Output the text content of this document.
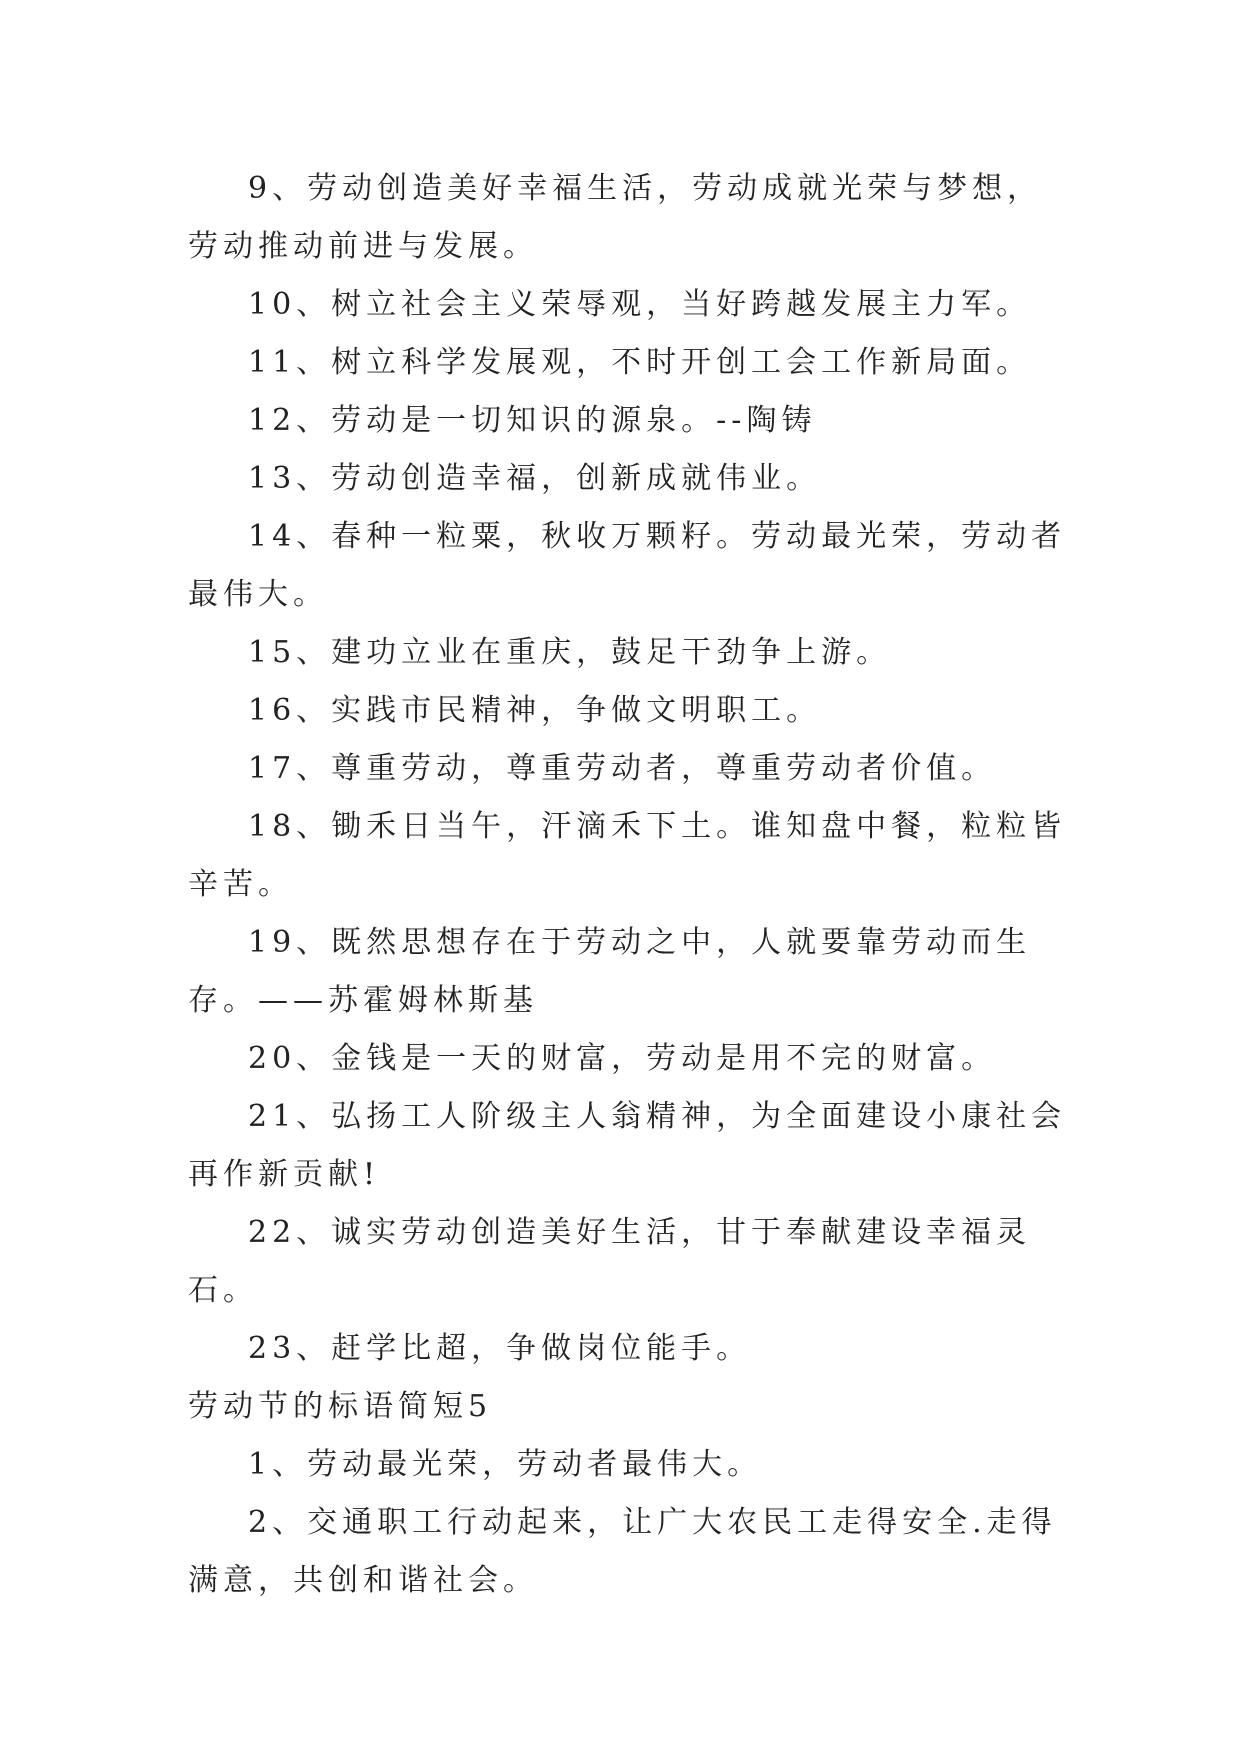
9、劳动创造美好幸福生活，劳动成就光荣与梦想，劳动推动前进与发展。

10、树立社会主义荣辱观，当好跨越发展主力军。

11、树立科学发展观，不时开创工会工作新局面。

12、劳动是一切知识的源泉。--陶铸

13、劳动创造幸福，创新成就伟业。

14、春种一粒粟，秋收万颗籽。劳动最光荣，劳动者最伟大。

15、建功立业在重庆，鼓足干劲争上游。

16、实践市民精神，争做文明职工。

17、尊重劳动，尊重劳动者，尊重劳动者价值。

18、锄禾日当午，汗滴禾下土。谁知盘中餐，粒粒皆辛苦。

19、既然思想存在于劳动之中，人就要靠劳动而生存。——苏霍姆林斯基

20、金钱是一天的财富，劳动是用不完的财富。

21、弘扬工人阶级主人翁精神，为全面建设小康社会再作新贡献!

22、诚实劳动创造美好生活，甘于奉献建设幸福灵石。

23、赶学比超，争做岗位能手。

劳动节的标语简短5

1、劳动最光荣，劳动者最伟大。

2、交通职工行动起来，让广大农民工走得安全.走得满意，共创和谐社会。
